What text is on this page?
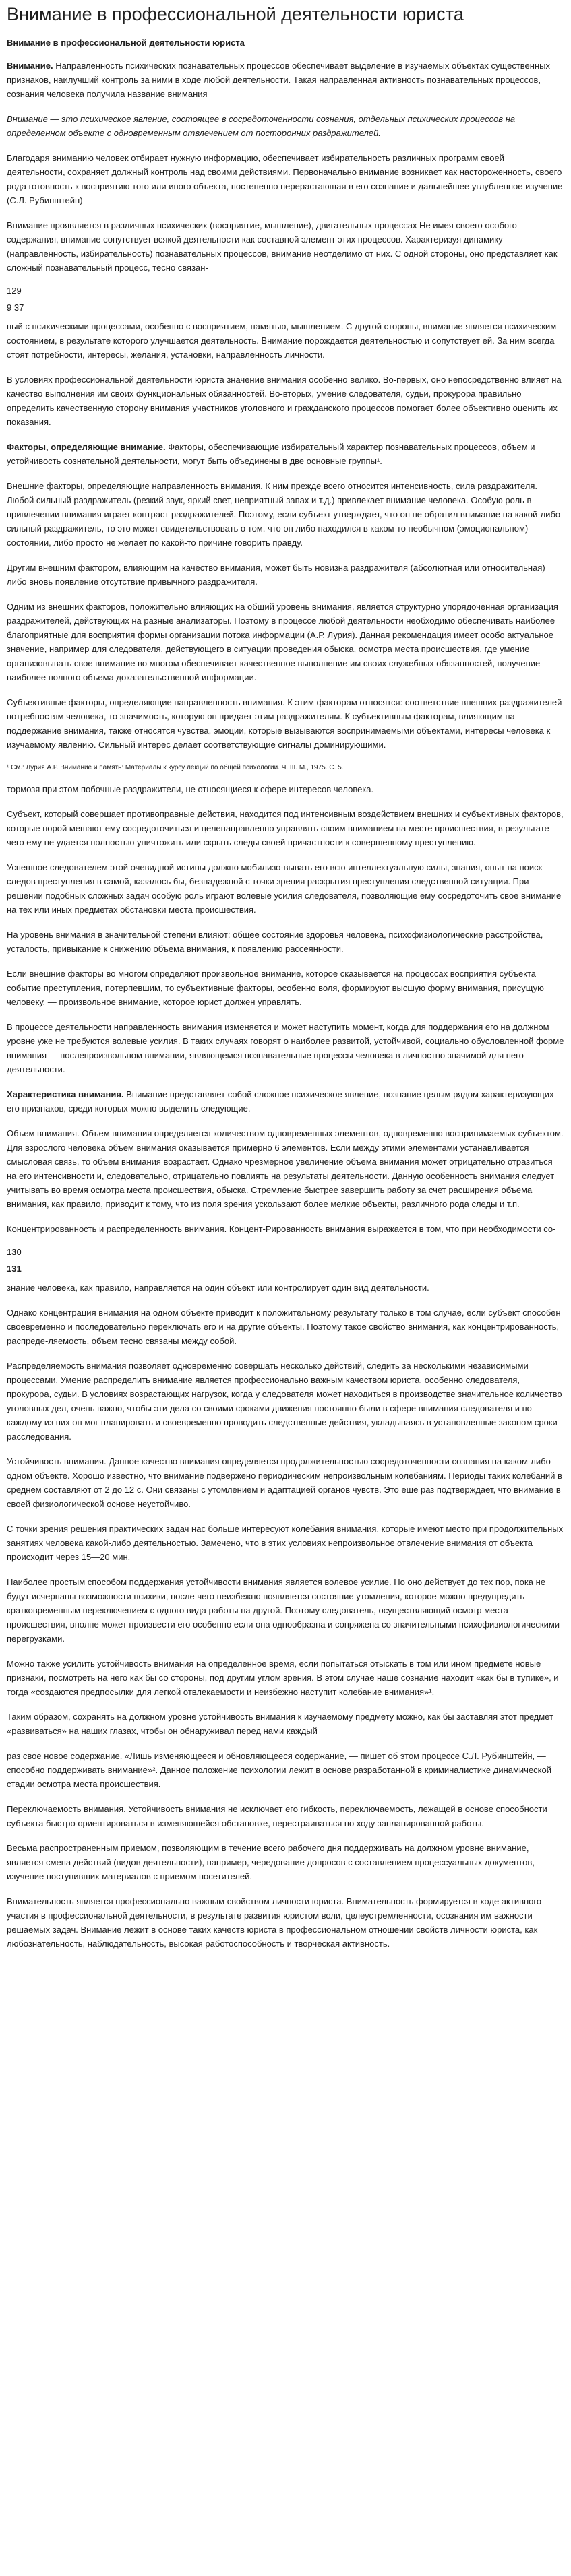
Внимание в профессиональной деятельности юриста
Внимание в профессиональной деятельности юриста

Внимание. Направленность психических познавательных процессов обеспечивает выделение в изучаемых объектах существенных признаков, наилучший контроль за ними в ходе любой деятельности. Такая направленная активность познавательных процессов, сознания человека получила название внимания

Внимание — это психическое явление, состоящее в сосредоточенности сознания, отдельных психических процессов на определенном объекте с одновременным отвлечением от посторонних раздражителей.

Благодаря вниманию человек отбирает нужную информацию, обеспечивает избирательность различных программ своей деятельности, сохраняет должный контроль над своими действиями. Первоначально внимание возникает как настороженность, своего рода готовность к восприятию того или иного объекта, постепенно перерастающая в его сознание и дальнейшее углубленное изучение (С.Л. Рубинштейн)

Внимание проявляется в различных психических (восприятие, мышление), двигательных процессах Не имея своего особого содержания, внимание сопутствует всякой деятельности как составной элемент этих процессов. Характеризуя динамику (направленность, избирательность) познавательных процессов, внимание неотделимо от них. С одной стороны, оно представляет как сложный познавательный процесс, тесно связан-

129
9 37

ный с психическими процессами, особенно с восприятием, памятью, мышлением. С другой стороны, внимание является психическим состоянием, в результате которого улучшается деятельность. Внимание порождается деятельностью и сопутствует ей. За ним всегда стоят потребности, интересы, желания, установки, направленность личности.

В условиях профессиональной деятельности юриста значение внимания особенно велико. Во-первых, оно непосредственно влияет на качество выполнения им своих функциональных обязанностей. Во-вторых, умение следователя, судьи, прокурора правильно определить качественную сторону внимания участников уголовного и гражданского процессов помогает более объективно оценить их показания.

Факторы, определяющие внимание. Факторы, обеспечивающие избирательный характер познавательных процессов, объем и устойчивость сознательной деятельности, могут быть объединены в две основные группы¹.

Внешние факторы, определяющие направленность внимания. К ним прежде всего относится интенсивность, сила раздражителя. Любой сильный раздражитель (резкий звук, яркий свет, неприятный запах и т.д.) привлекает внимание человека. Особую роль в привлечении внимания играет контраст раздражителей. Поэтому, если субъект утверждает, что он не обратил внимание на какой-либо сильный раздражитель, то это может свидетельствовать о том, что он либо находился в каком-то необычном (эмоциональном) состоянии, либо просто не желает по какой-то причине говорить правду.

Другим внешним фактором, влияющим на качество внимания, может быть новизна раздражителя (абсолютная или относительная) либо вновь появление отсутствие привычного раздражителя.

Одним из внешних факторов, положительно влияющих на общий уровень внимания, является структурно упорядоченная организация раздражителей, действующих на разные анализаторы. Поэтому в процессе любой деятельности необходимо обеспечивать наиболее благоприятные для восприятия формы организации потока информации (А.Р. Лурия). Данная рекомендация имеет особо актуальное значение, например для следователя, действующего в ситуации проведения обыска, осмотра места происшествия, где умение организовывать свое внимание во многом обеспечивает качественное выполнение им своих служебных обязанностей, получение наиболее полного объема доказательственной информации.

Субъективные факторы, определяющие направленность внимания. К этим факторам относятся: соответствие внешних раздражителей потребностям человека, то значимость, которую он придает этим раздражителям. К субъективным факторам, влияющим на поддержание внимания, также относятся чувства, эмоции, которые вызываются воспринимаемыми объектами, интересы человека к изучаемому явлению. Сильный интерес делает соответствующие сигналы доминирующими.

¹ См.: Лурия А.Р. Внимание и память: Материалы к курсу лекций по общей психологии. Ч. III. М., 1975. С. 5.

тормозя при этом побочные раздражители, не относящиеся к сфере интересов человека.

Субъект, который совершает противоправные действия, находится под интенсивным воздействием внешних и субъективных факторов, которые порой мешают ему сосредоточиться и целенаправленно управлять своим вниманием на месте происшествия, в результате чего ему не удается полностью уничтожить или скрыть следы своей причастности к совершенному преступлению.

Успешное следователем этой очевидной истины должно мобилизо-вывать его всю интеллектуальную силы, знания, опыт на поиск следов преступления в самой, казалось бы, безнадежной с точки зрения раскрытия преступления следственной ситуации. При решении подобных сложных задач особую роль играют волевые усилия следователя, позволяющие ему сосредоточить свое внимание на тех или иных предметах обстановки места происшествия.

На уровень внимания в значительной степени влияют: общее состояние здоровья человека, психофизиологические расстройства, усталость, привыкание к снижению объема внимания, к появлению рассеянности.

Если внешние факторы во многом определяют произвольное внимание, которое сказывается на процессах восприятия субъекта событие преступления, потерпевшим, то субъективные факторы, особенно воля, формируют высшую форму внимания, присущую человеку, — произвольное внимание, которое юрист должен управлять.

В процессе деятельности направленность внимания изменяется и может наступить момент, когда для поддержания его на должном уровне уже не требуются волевые усилия. В таких случаях говорят о наиболее развитой, устойчивой, социально обусловленной форме внимания — послепроизвольном внимании, являющемся познавательные процессы человека в личностно значимой для него деятельности.

Характеристика внимания. Внимание представляет собой сложное психическое явление, познание целым рядом характеризующих его признаков, среди которых можно выделить следующие.

Объем внимания. Объем внимания определяется количеством одновременных элементов, одновременно воспринимаемых субъектом. Для взрослого человека объем внимания оказывается примерно 6 элементов. Если между этими элементами устанавливается смысловая связь, то объем внимания возрастает. Однако чрезмерное увеличение объема внимания может отрицательно отразиться на его интенсивности и, следовательно, отрицательно повлиять на результаты деятельности. Данную особенность внимания следует учитывать во время осмотра места происшествия, обыска. Стремление быстрее завершить работу за счет расширения объема внимания, как правило, приводит к тому, что из поля зрения ускользают более мелкие объекты, различного рода следы и т.п.

Концентрированность и распределенность внимания. Концент-Рированность внимания выражается в том, что при необходимости со-

130
131

знание человека, как правило, направляется на один объект или контролирует один вид деятельности.

Однако концентрация внимания на одном объекте приводит к положительному результату только в том случае, если субъект способен своевременно и последовательно переключать его и на другие объекты. Поэтому такое свойство внимания, как концентрированность, распреде-ляемость, объем тесно связаны между собой.

Распределяемость внимания позволяет одновременно совершать несколько действий, следить за несколькими независимыми процессами. Умение распределить внимание является профессионально важным качеством юриста, особенно следователя, прокурора, судьи. В условиях возрастающих нагрузок, когда у следователя может находиться в производстве значительное количество уголовных дел, очень важно, чтобы эти дела со своими сроками движения постоянно были в сфере внимания следователя и по каждому из них он мог планировать и своевременно проводить следственные действия, укладываясь в установленные законом сроки расследования.

Устойчивость внимания. Данное качество внимания определяется продолжительностью сосредоточенности сознания на каком-либо одном объекте. Хорошо известно, что внимание подвержено периодическим непроизвольным колебаниям. Периоды таких колебаний в среднем составляют от 2 до 12 с. Они связаны с утомлением и адаптацией органов чувств. Это еще раз подтверждает, что внимание в своей физиологической основе неустойчиво.

С точки зрения решения практических задач нас больше интересуют колебания внимания, которые имеют место при продолжительных занятиях человека какой-либо деятельностью. Замечено, что в этих условиях непроизвольное отвлечение внимания от объекта происходит через 15—20 мин.

Наиболее простым способом поддержания устойчивости внимания является волевое усилие. Но оно действует до тех пор, пока не будут исчерпаны возможности психики, после чего неизбежно появляется состояние утомления, которое можно предупредить кратковременным переключением с одного вида работы на другой. Поэтому следователь, осуществляющий осмотр места происшествия, вполне может произвести его особенно если она однообразна и сопряжена со значительными психофизиологическими перегрузками.

Можно также усилить устойчивость внимания на определенное время, если попытаться отыскать в том или ином предмете новые признаки, посмотреть на него как бы со стороны, под другим углом зрения. В этом случае наше сознание находит «как бы в тупике», и тогда «создаются предпосылки для легкой отвлекаемости и неизбежно наступит колебание внимания»¹.

Таким образом, сохранять на должном уровне устойчивость внимания к изучаемому предмету можно, как бы заставляя этот предмет «развиваться» на наших глазах, чтобы он обнаруживал перед нами каждый

раз свое новое содержание. «Лишь изменяющееся и обновляющееся содержание, — пишет об этом процессе С.Л. Рубинштейн, — способно поддерживать внимание»². Данное положение психологии лежит в основе разработанной в криминалистике динамической стадии осмотра места происшествия.

Переключаемость внимания. Устойчивость внимания не исключает его гибкость, переключаемость, лежащей в основе способности субъекта быстро ориентироваться в изменяющейся обстановке, перестраиваться по ходу запланированной работы.

Весьма распространенным приемом, позволяющим в течение всего рабочего дня поддерживать на должном уровне внимание, является смена действий (видов деятельности), например, чередование допросов с составлением процессуальных документов, изучение поступивших материалов с приемом посетителей.

Внимательность является профессионально важным свойством личности юриста. Внимательность формируется в ходе активного участия в профессиональной деятельности, в результате развития юристом воли, целеустремленности, осознания им важности решаемых задач. Внимание лежит в основе таких качеств юриста в профессиональном отношении свойств личности юриста, как любознательность, наблюдательность, высокая работоспособность и творческая активность.
